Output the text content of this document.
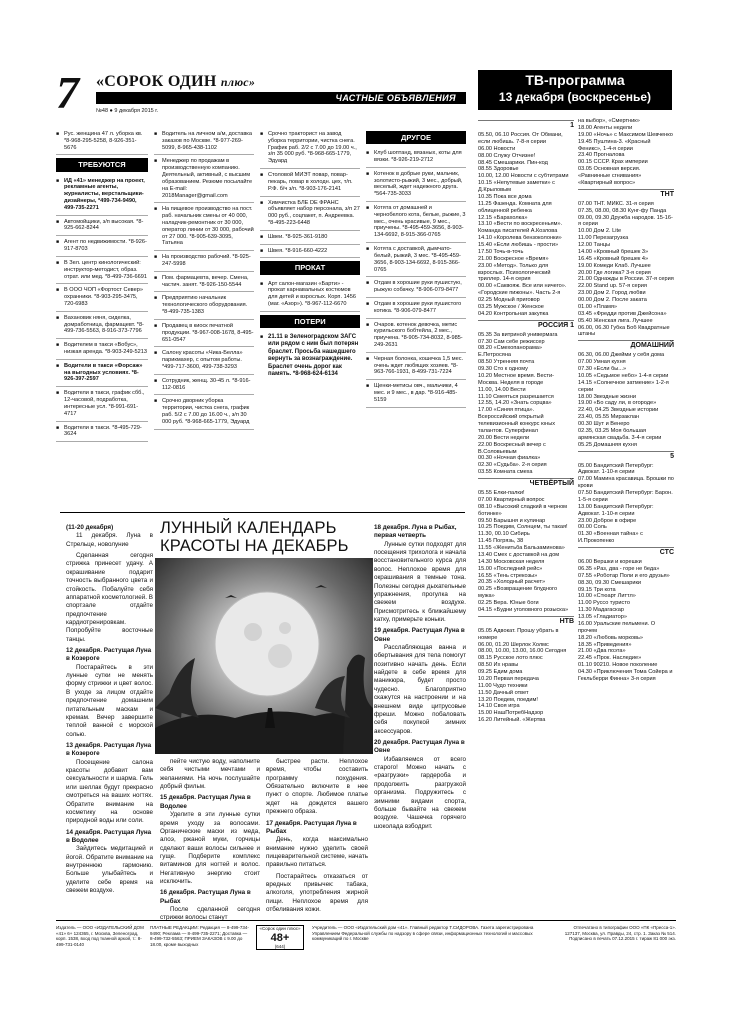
7 «СОРОК ОДИН плюс»
ЧАСТНЫЕ ОБЪЯВЛЕНИЯ
№48 ● 9 декабря 2015 г.
ТВ-программа
13 декабря (воскресенье)
■ Рус. женщина 47 л. уборка кв. *8-968-295-5258, 8-926-351-5676
ТРЕБУЮТСЯ
■ ИД «41» менеджер на проект, рекламные агенты, журналисты, верстальщики-дизайнеры, *499-734-9490, 499-735-2271
■ Автомойщики, з/п высокая. *8-925-662-8244
■ Агент по недвижимости. *8-926-917-8703
■ В Зел. центр кинологический: инструктор-методист, образ. отрат. или мед. *8-499-736-6691
■ В ООО ЧОП «Фортост Север» охранники. *8-903-295-3475, 720-6983
■ Вахановик няня, сиделка, домработница, фармацевт. *8-499-736-5563, 8-916-373-7796
■ Водителем в такси «Вобус», низкая аренда. *8-903-249-5213
■ Водители в такси «Форсаж» на выгодных условиях. *8-926-397-2597
■ Водители в такси, график сбб., 12-часовой, подработка, интересные усл. *8-991-691-4717
■ Водители в такси. *8-495-729-3624
■ Водитель на личном а/м, доставка заказов по Москве. *8-977-269-5099, 8-965-438-1102
■ Менеджер по продажам в производственную компанию. Деятельный, активный, с высшим образованием. Резюме посылайте на E-mail: 2018Manager@gmail.com
■ На пищевое производство на пост. раб. начальник смены от 40 000, наладчик-ремонтник от 30 000, оператор линии от 30 000, рабочий от 27 000. *8-905-639-3095, Татьяна
■ На производство рабочий. *8-925-247-5998
■ Пом. фармацевта, вечер. Смена, частич. занят. *8-926-150-5544
■ Предприятию начальник технологического оборудования. *8-499-735-1383
■ Продавец в киоск печатной продукции. *8-967-008-1678, 8-495-651-0547
■ Салону красоты «Чика-Белла» парикмахер, с опытом работы. *499-717-3600, 499-738-3293
■ Сотрудник, женщ. 30-45 л. *8-916-112-0816
■ Срочно дворник уборка территории, чистка снега, график раб. 5/2 с 7.00 до 16.00 ч., з/п 30 000 руб. *8-968-665-1779, Эдуард
■ Срочно тракторист на завод уборка территории, чистка снега. График раб. 2/2 с 7.00 до 19.00 ч., з/п 35 000 руб. *8-968-665-1779, Эдуард
■ Столовой МИЭТ повар, повар-пекарь, повар в холодн. цех, т/п. Р.Ф. б/ч з/п. *8-903-176-2141
■ Химчистка БЛЕ DE ФРАНС объявляет набор персонала, з/п 27 000 руб., соцпакет, п. Андреевка. *8-495-223-6448
■ Швеи. *8-925-361-9180
■ Швея. *8-916-660-4222
ПРОКАТ
■ Арт салон-магазин «Барти» - прокат карнавальных костюмов для детей и взрослых. Корп. 1456 (маг. «Азор»). *8-967-112-6670
ПОТЕРИ
■ 21.11 в Зеленоградском ЗАГС или рядом с ним был потерян браслет. Просьба нашедшего вернуть за вознаграждение. Браслет очень дорог как память. *8-968-624-6134
ДРУГОЕ
■ Клуб шоптанд, вязаных, коты для вязки. *8-926-219-2712
■ Котенок в добрые руки, мальчик, золотисто-рыжий, 3 мес., добрый, веселый, ждет надежного друга. *564-735-3033
■ Котята от домашней и чернобелого кота, белые, рыжие, 3 мес., очень красивые, 9 мес., приучены. *8-495-459-3656, 8-903-134-6692, 8-915-366-0765
■ Котята с доставкой, дымчато-белый, рыжий, 3 мес. *8-495-459-3656, 8-903-134-6692, 8-915-366-0765
■ Отдам в хорошие руки пушистую, рыжую собачку. *8-906-079-8477
■ Отдам в хорошие руки пушистого котика. *8-906-079-8477
■ Очаров. котенок девочка, метис курильского бобтейла, 2 мес., приучена. *8-905-734-8032, 8-985-249-2631
■ Черная болонка, кошечка 1,5 мес. очень ждет любящих хозяев. *8-963-766-1931, 8-499-731-7224
■ Щенки-метисы овч., мальчики, 4 мес. и 9 мес., в дар. *8-916-485-5159
ЛУННЫЙ КАЛЕНДАРЬ КРАСОТЫ НА ДЕКАБРЬ
(11-20 декабря)
11 декабря. Луна в Стрельце, новолуние
Сделанная сегодня стрижка принесет удачу. А окрашивание подарит точность выбранного цвета и стойкость. Побалуйте себя аппаратной косметологией. В спортзале отдайте предпочтение кардиотренировкам. Попробуйте восточные танцы.
12 декабря. Растущая Луна в Козероге
Постарайтесь в эти лунные сутки не менять форму стрижки и цвет волос. В уходе за лицом отдайте предпочтение домашним питательным маскам и кремам. Вечер завершите теплой ванной с морской солью.
13 декабря. Растущая Луна в Козероге
Посещение салона красоты добавит вам сексуальности и шарма. Гель или шеллак будут прекрасно смотреться на ваших ногтях. Обратите внимание на косметику на основе природной воды или соли.
14 декабря. Растущая Луна в Водолее
Зайдитесь медитацией и йогой. Обратите внимание на внутреннюю гармонию. Больше улыбайтесь и уделите себе время на свежем воздухе.
пейте чистую воду, наполните себя чистыми мечтами и желаниями. На ночь послушайте добрый фильм.
15 декабря. Растущая Луна в Водолее
Уделите в эти лунные сутки время уходу за волосами. Органические маски из меда, алоэ, ржаной муки, горчицы сделают ваши волосы сильнее и гуще. Подберите комплекс витаминов для ногтей и волос. Негативную энергию стоит исключить.
16 декабря. Растущая Луна в Рыбах
После сделанной сегодня стрижки волосы станут
быстрее расти. Неплохое время, чтобы составить программу похудения. Обязательно включите в нее пункт о спорте. Любимое платье ждет на дождется вашего прежнего образа.
17 декабря. Растущая Луна в Рыбах
День, когда максимально внимание нужно уделить своей пищеварительной системе, начать правильно питаться.
Постарайтесь отказаться от вредных привычек: табака, алкоголя, употребления жирной пищи. Неплохое время для отбеливания кожи.
18 декабря. Луна в Рыбах, первая четверть
Лунные сутки подходят для посещения трихолога и начала восстановительного курса для волос. Неплохое время для окрашивания в темные тона. Полезны сегодня дыхательные упражнения, прогулка на свежем воздухе. Присмотритесь к ближайшему катку, примерьте коньки.
19 декабря. Растущая Луна в Овне
Расслабляющая ванна и обертывания для тела помогут позитивно начать день. Если найдете в себе время для маникюра, будет просто чудесно. Благоприятно скажутся на настроении и на внешнем виде цитрусовые фреши. Можно побаловать себя покупкой зимних аксессуаров.
20 декабря. Растущая Луна в Овне
Избавляемся от всего старого! Можно начать с «разгрузки» гардероба и продолжить разгрузкой организма. Подружитесь с зимними видами спорта, больше бывайте на свежем воздухе. Чашечка горячего шоколада взбодрит.
1
05.50, 06.10 Россия. От Обмани, если любишь. 7-8-я серии
06.00 Новости
08.00 Служу Отчизне!
08.45 Смешарики. Пин-код
08.55 Здоровье
10.00, 12.00 Новости с субтитрами
10.15 «Непутевые заметки» с Д.Крыловым
10.35 Пока все дома
11.25 Фазенда. Комната для облиценной ребенка
12.15 «Барахолка»
13.10 «Вести по воскресеньям». Команда писателей А.Козлова
14.10 «Королева бензоколонки»
15.40 «Если любишь - прости»
17.50 Точь-в-точь
21.00 Воскресное «Время»
23.00 «Метод». Только для взрослых. Психологический триллер. 14-я серия
00.00 «Саквояж. Все или ничего». «Городские пижоны». Часть 2-я
02.25 Модный приговор
03.25 Мужское / Женское
04.20 Контрольная закупка
РОССИЯ 1
05.35 За витриной универмага
07.30 Сам себе режиссер
08.20 «Смехопанорама» Е.Петросяна
08.50 Утренняя почта
09.30 Сто к одному
10.20 Местное время. Вести-Москва. Неделя в городе
11.00, 14.00 Вести
11.10 Смеяться разрешается
12.55, 14.20 «Знать сорцва»
17.00 «Синяя птица». Всероссийский открытый телевизионный конкурс юных талантов. Суперфинал
20.00 Вести недели
22.00 Воскресный вечер с В.Соловьевым
00.30 «Ночная фиалка»
02.30 «Судьба». 2-я серия
03.55 Комната смеха
ЧЕТВЁРТЫЙ
05.55 Елки-палки!
07.00 Квартирный вопрос
08.10 «Высокий сладкий в черном ботинке»
09.50 Барышня и кулинар
10.25 Поедим, Солнцем, ты такая!
11.30, 00.10 Сибирь
11.45 Погрязь, 38
11.55 «Женитьба Бальзаминова»
13.40 Смех с доставкой на дом
14.30 Московская неделя
15.00 «Последний рейс»
16.55 «Тень стрекозы»
20.35 «Холодный расчет»
00.25 «Возвращение блудного мужа»
02.25 Вера. Юные боги
04.15 «Будни уголовного розыска»
НТВ
05.05 Адвокат. Прошу убрать в номере
06.00, 01.20 Шерлок Холмс
08.00, 10.00, 13.00, 16.00 Сегодня
08.15 Русское лото плюс
08.50 Их нравы
09.25 Едим дома
10.20 Первая передача
11.00 Чудо техники
11.50 Дачный ответ
13.20 Поедем, поедим!
14.10 Своя игра
15.00 НашПотребНадзор
16.20 Литейный. «Жертва
на выбор», «Смертник»
18.00 Агенты недели
19.00 «Ночь» с Максимом Шевченко
19.45 Пуштина-3. «Красный Феникс», 1-4-я серии
23.40 Прогналова
00.15 СССР. Крах империи
03.05 Основная версия. «Равнинные сгнивания»
«Квартирный вопрос»
ТНТ
07.00 ТНТ. МИКС. 31-я серия
07.35, 08.00, 08.30 Кунг-фу Панда
09.00, 09.30 Дружба народов. 15-16-я серии
10.00 Дом 2. Lite
11.00 Перезагрузка
12.00 Танцы
14.00 «Кровный брешек 3»
16.45 «Кровный брешек 4»
19.00 Комеди Клаб. Лучшее
20.00 Где логика? 3-я серия
21.00 Однажды в России. 37-я серия
22.00 Stand up. 57-я серия
23.00 Дом 2. Город любви
00.00 Дом 2. После заката
01.00 «Пламя»
03.45 «Фредди против Джейсона»
05.40 Женская лига. Лучшее
06.00, 06.30 Губка Боб Квадратные штаны
ДОМАШНИЙ
06.30, 06.00 Джейми у себя дома
07.00 Умная кухня
07.30 «Если бы...»
10.05 «Седьмое небо» 1-4-я серии
14.15 «Солнечное затмение» 1-2-я серии
18.00 Звездные жизни
19.00 «Бо саду ли, в огороде»
22.40, 04.25 Звездные истории
23.40, 05.55 Мирзаклан
00.30 Шут и Венеро
02.35, 03.25 Моя большая армянская свадьба. 3-4-я серии
05.25 Домашняя кухня
5
05.00 Бандитский Петербург: Адвокат. 1-10-я серии
07.00 Мамина красавица. Брошки по крови
07.50 Бандитский Петербург: Барон. 1-5-я серии
13.00 Бандитский Петербург: Адвокат. 1-10-я серии
23.00 Доброе в офире
00.00 Соль
01.30 «Военная тайна» с И.Прокопенко
СТС
06.00 Вершки и корешки
06.35 «Раз, два - горе не беда»
07.55 «Роботар Поли и его друзья»
08.30, 09.30 Смешарики
09.15 Три кота
10.00 «Стюарт Литтл»
11.00 Руссо туристо
11.30 Мадагаскар
13.05 «Гладиатор»
16.00 Уральские пельмени. О прочем
18.20 «Любовь морковь»
18.35 «Приведения»
21.00 «Два поэта»
22.45 «Прок. Наследие»
01.10 90210. Новое поколение
04.30 «Приключения Тома Сойера и Гекльберри Финна» 3-я серия
Издатель — ООО «ИЗДАТЕЛЬСКИЙ ДОМ «41» 6+ 124365, г. Москва, Зеленоград, корп. 1538, вход под тканной аркой, т.: 8-499-731-0140
ПЛАТНЫЕ РЕДАКЦИИ: Редакция — 8-499-734-9490; Реклама — 8-499-735-2271; Доставка — 8-499-732-5563; ПРИЕМ ЗАКАЗОВ с 9.00 до 18.00, кроме выходных
«Сорок один плюс»
48+
(644)
Учредитель — ООО «Издательский дом «41». Главный редактор Т.СИДОРОВА. Газета зарегистрирована Управлением Федеральной службы по надзору в сфере связи, информационных технологий и массовых коммуникаций по г. Москве
Отпечатано в типографии ООО «ПК «Пресса-1». 127137, Москва, ул. Правды, 24, стр. 1. Заказ № 514. Подписано в печать 07.12.2015 г. тираж 81 000 экз.
